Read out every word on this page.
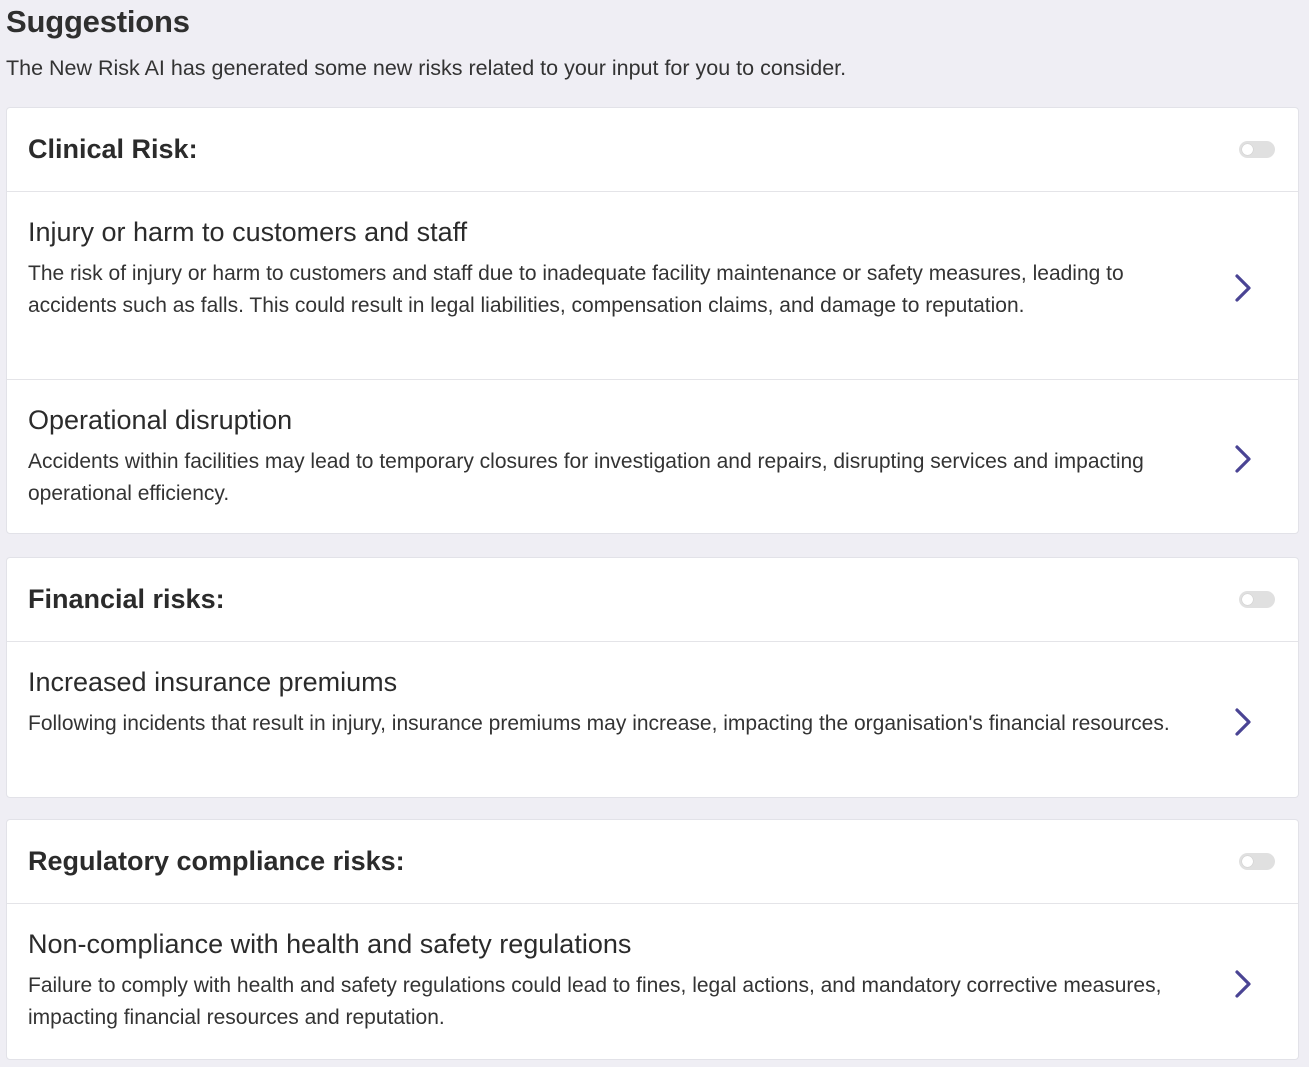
Suggestions

The New Risk AI has generated some new risks related to your input for you to consider.

Clinical Risk:
Injury or harm to customers and staff

The risk of injury or harm to customers and staff due to inadequate facility maintenance or safety measures, leading to accidents such as falls. This could result in legal liabilities, compensation claims, and damage to reputation.

Operational disruption

Accidents within facilities may lead to temporary closures for investigation and repairs, disrupting services and impacting operational efficiency.

Financial risks:
Increased insurance premiums

Following incidents that result in injury, insurance premiums may increase, impacting the organisation's financial resources.

Regulatory compliance risks:
Non-compliance with health and safety regulations

Failure to comply with health and safety regulations could lead to fines, legal actions, and mandatory corrective measures, impacting financial resources and reputation.
